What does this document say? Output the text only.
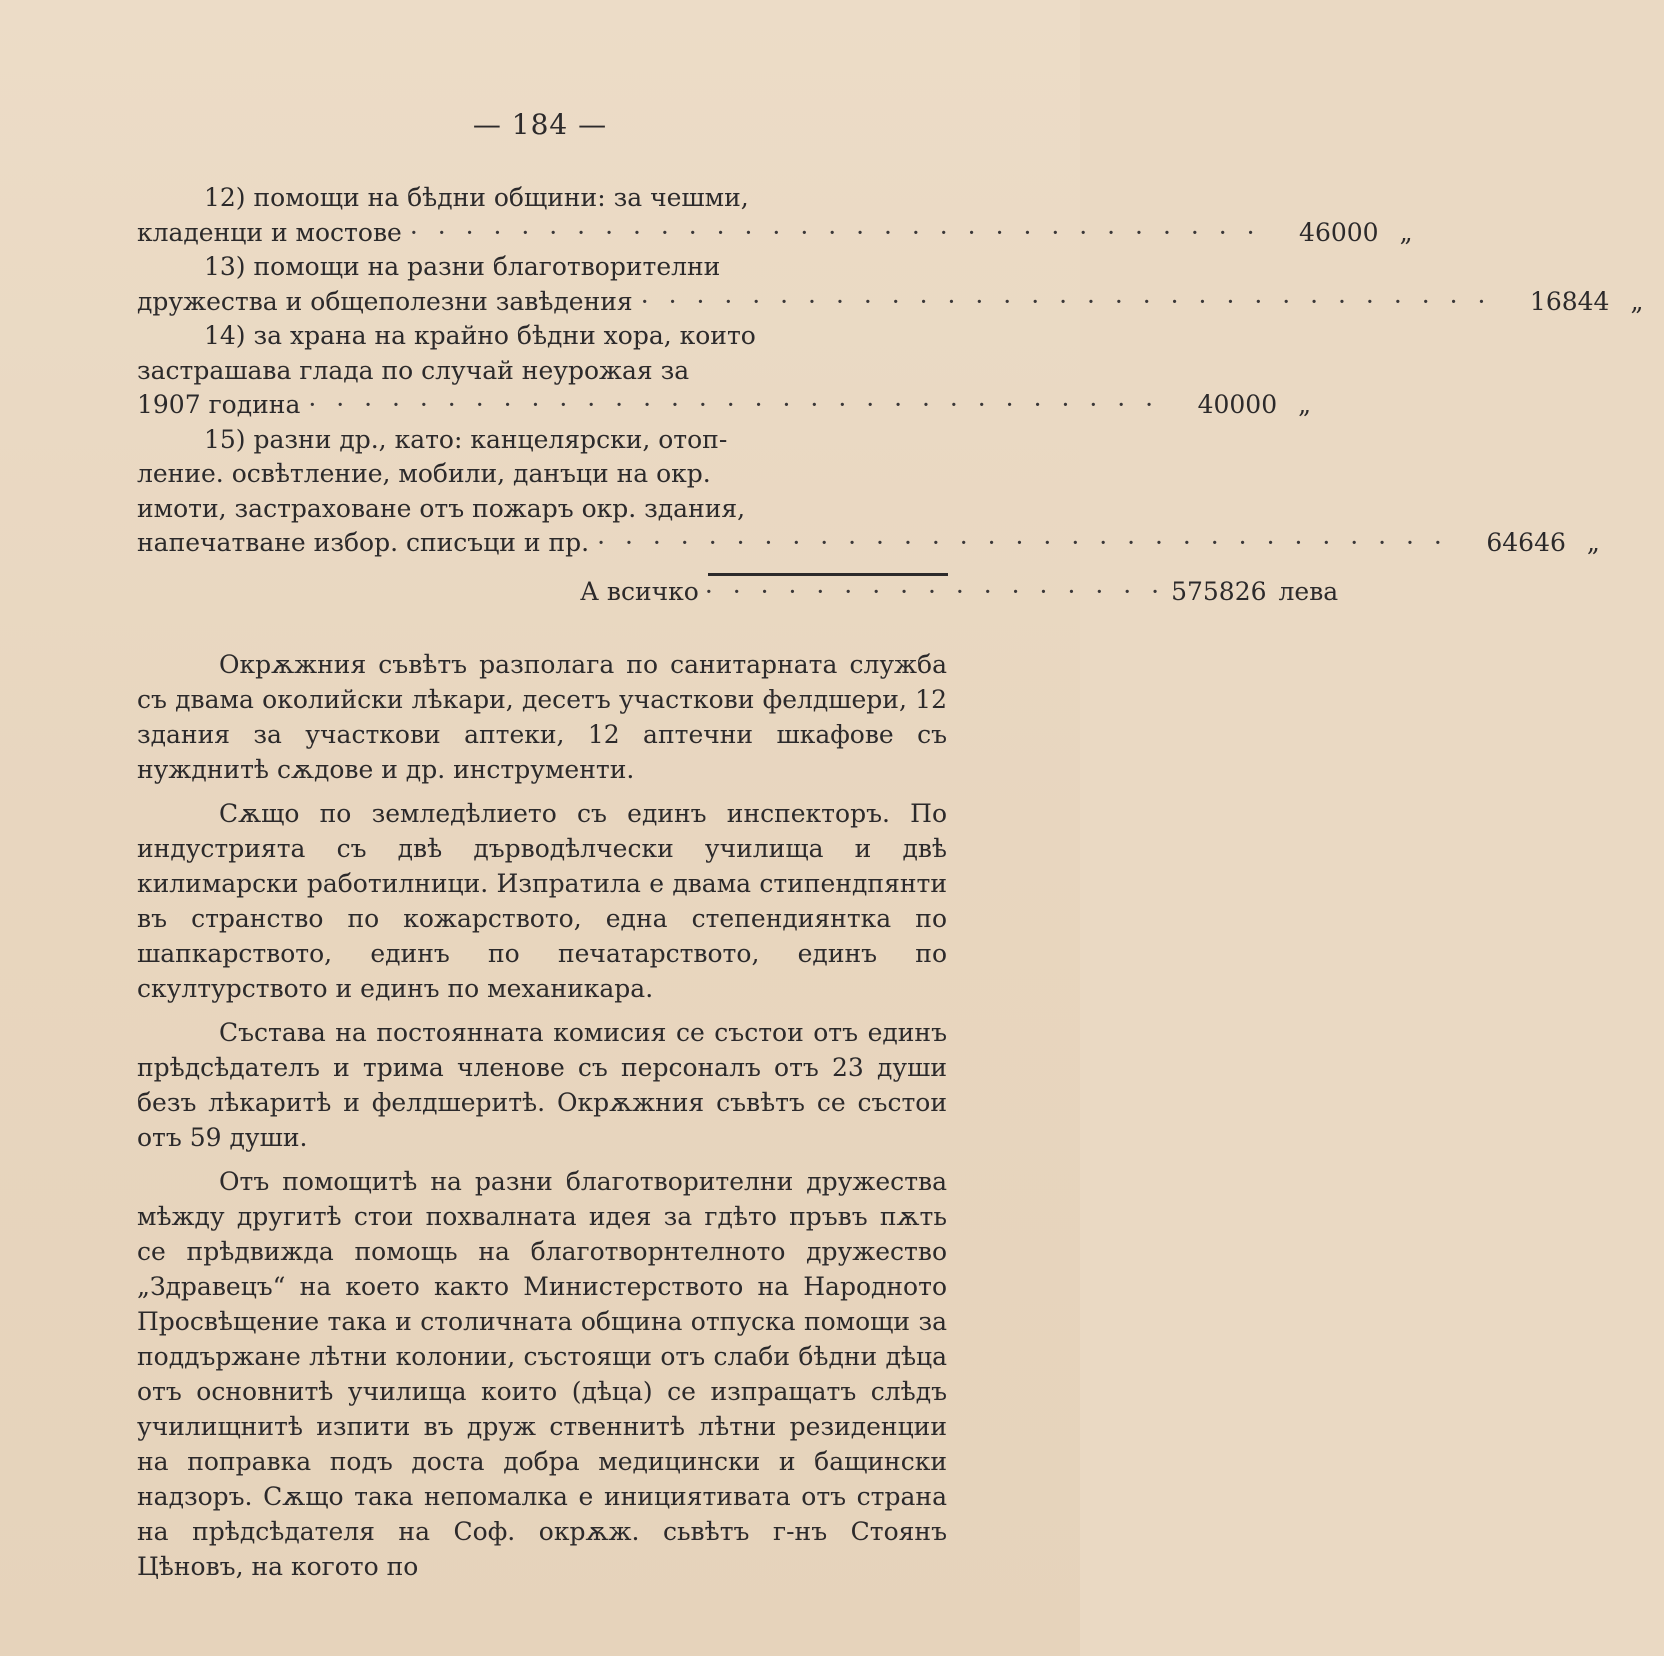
— 184 —
12) помощи на бѣдни общини: за чешми,
кладенци и мостове · · · · · · · · · · · · · · · · · · · · · · · · · · · · · · ·	46000 „
13) помощи на разни благотворителни
дружества и общеполезни завѣдения · · · · · · · · · · · · · · · · · · · · · · · · · · · · · · ·	16844 „
14) за храна на крайно бѣдни хора, които
застрашава глада по случай неурожая за
1907 година · · · · · · · · · · · · · · · · · · · · · · · · · · · · · · ·	40000 „
15) разни др., като: канцелярски, отоп-
ление. освѣтление, мобили, данъци на окр.
имоти, застраховане отъ пожаръ окр. здания,
напечатване избор. списъци и пр. · · · · · · · · · · · · · · · · · · · · · · · · · · · · · · ·	64646 „
А всичко · · · · · · · · · · · · · · · · · 575826 лева

Окрѫжния съвѣтъ разполага по санитарната служба съ двама околийски лѣкари, десетъ участкови фелдшери, 12 здания за участкови аптеки, 12 аптечни шкафове съ нужднитѣ сѫдове и др. инструменти.

Сѫщо по земледѣлието съ единъ инспекторъ. По индустрията съ двѣ дърводѣлчески училища и двѣ килимарски работилници. Изпратила е двама стипендпянти въ странство по кожарството, една степендиянтка по шапкарството, единъ по печатарството, единъ по скултурството и единъ по механикара.

Състава на постоянната комисия се състои отъ единъ прѣдсѣдателъ и трима членове съ персоналъ отъ 23 души безъ лѣкаритѣ и фелдшеритѣ. Окрѫжния съвѣтъ се състои отъ 59 души.

Отъ помощитѣ на разни благотворителни дружества мѣжду другитѣ стои похвалната идея за гдѣто пръвъ пѫть се прѣдвижда помощь на благотворнтелното дружество „Здравецъ“ на което както Министерството на Народното Просвѣщение така и столичната община отпуска помощи за поддържане лѣтни колонии, състоящи отъ слаби бѣдни дѣца отъ основнитѣ училища които (дѣца) се изпращатъ слѣдъ училищнитѣ изпити въ друж ственнитѣ лѣтни резиденции на поправка подъ доста добра медицински и бащински надзоръ. Сѫщо така непомалка е инициятивата отъ страна на прѣдсѣдателя на Соф. окрѫж. сьвѣтъ г-нъ Стоянъ Цѣновъ, на когото по
